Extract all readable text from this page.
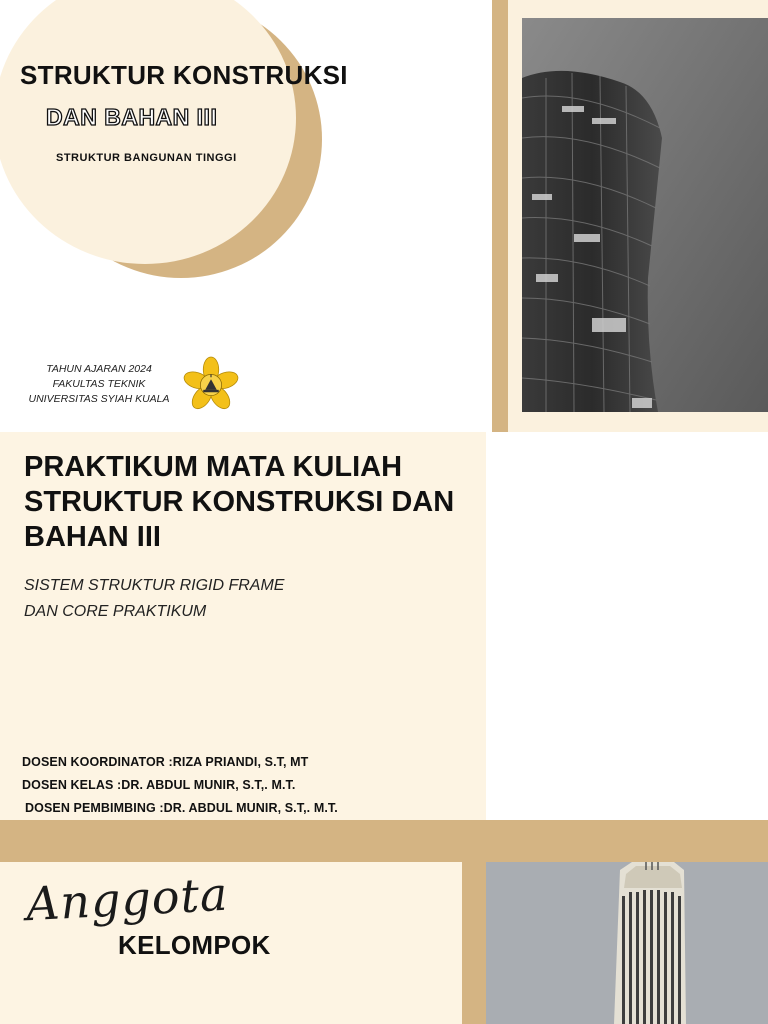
STRUKTUR KONSTRUKSI
DAN BAHAN III
STRUKTUR BANGUNAN TINGGI
TAHUN AJARAN 2024
FAKULTAS TEKNIK
UNIVERSITAS SYIAH KUALA
PRAKTIKUM MATA KULIAH
STRUKTUR KONSTRUKSI DAN
BAHAN III
SISTEM STRUKTUR RIGID FRAME
DAN CORE PRAKTIKUM
DOSEN KOORDINATOR :RIZA PRIANDI, S.T, MT
DOSEN KELAS :DR. ABDUL MUNIR, S.T,. M.T.
DOSEN PEMBIMBING :DR. ABDUL MUNIR, S.T,. M.T.
Anggota
KELOMPOK
